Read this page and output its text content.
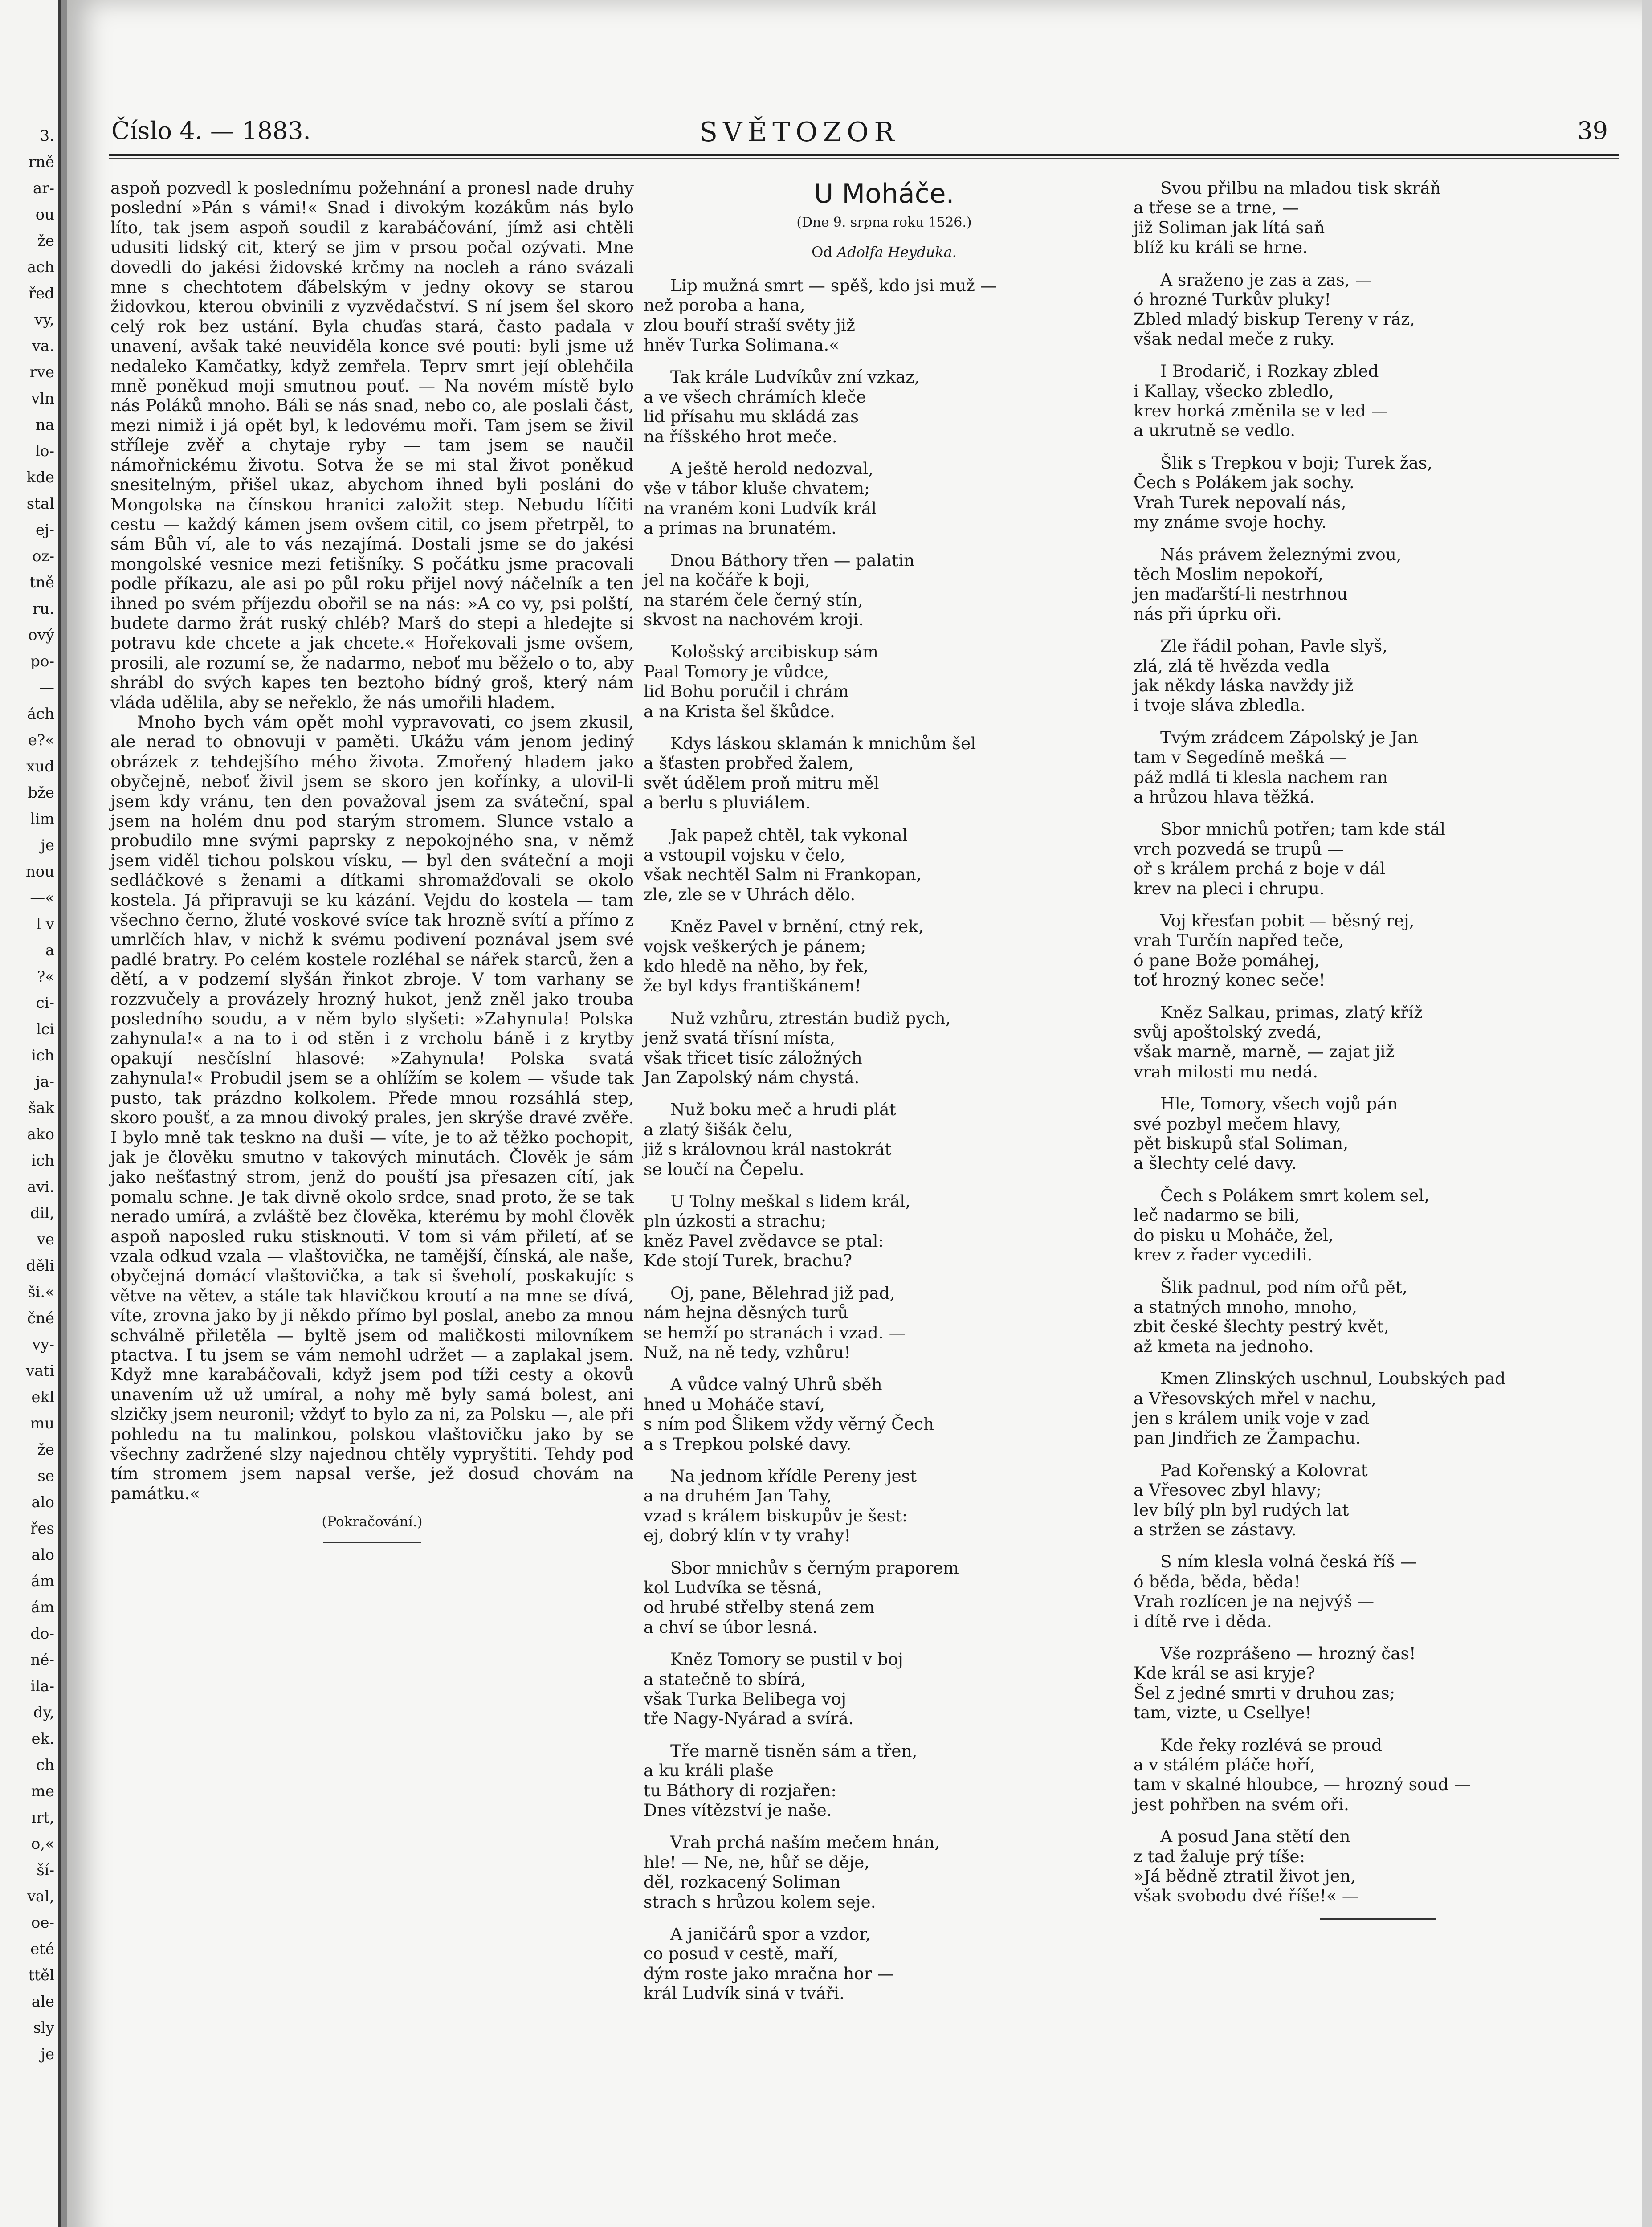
3.
rně
ar-
ou
že
ach
řed
vy,
va.
rve
vln
na
lo-
kde
stal
ej-
oz-
tně
ru.
ový
po-
—
ách
e?«
xud
bže
lim
je
nou
—«
l v
a
?«
ci-
lci
ich
ja-
šak
ako
ich
avi.
dil,
ve
děli
ši.«
čné
vy-
vati
ekl
mu
že
se
alo
řes
alo
ám
ám
do-
né-
ila-
dy,
ek.
ch
me
ırt,
o,«
ší-
val,
oe-
eté
ttěl
ale
sly
je
Číslo 4. — 1883.	SVĚTOZOR	39

aspoň pozvedl k poslednímu požehnání a pronesl nade druhy poslední »Pán s vámi!« Snad i divokým kozákům nás bylo líto, tak jsem aspoň soudil z karabáčování, jímž asi chtěli udusiti lidský cit, který se jim v prsou počal ozývati. Mne dovedli do jakési židovské krčmy na nocleh a ráno svázali mne s chechtotem ďábelským v jedny okovy se starou židovkou, kterou obvinili z vyzvědačství. S ní jsem šel skoro celý rok bez ustání. Byla chuďas stará, často padala v unavení, avšak také neuviděla konce své pouti: byli jsme už nedaleko Kamčatky, když zemřela. Teprv smrt její oblehčila mně poněkud moji smutnou pouť. — Na novém místě bylo nás Poláků mnoho. Báli se nás snad, nebo co, ale poslali část, mezi nimiž i já opět byl, k ledovému moři. Tam jsem se živil stříleje zvěř a chytaje ryby — tam jsem se naučil námořnickému životu. Sotva že se mi stal život poněkud snesitelným, přišel ukaz, abychom ihned byli posláni do Mongolska na čínskou hranici založit step. Nebudu líčiti cestu — každý kámen jsem ovšem citil, co jsem přetrpěl, to sám Bůh ví, ale to vás nezajímá. Dostali jsme se do jakési mongolské vesnice mezi fetišníky. S počátku jsme pracovali podle příkazu, ale asi po půl roku přijel nový náčelník a ten ihned po svém příjezdu obořil se na nás: »A co vy, psi polští, budete darmo žrát ruský chléb? Marš do stepi a hledejte si potravu kde chcete a jak chcete.« Hořekovali jsme ovšem, prosili, ale rozumí se, že nadarmo, neboť mu běželo o to, aby shrábl do svých kapes ten beztoho bídný groš, který nám vláda udělila, aby se neřeklo, že nás umořili hladem.

Mnoho bych vám opět mohl vypravovati, co jsem zkusil, ale nerad to obnovuji v paměti. Ukážu vám jenom jediný obrázek z tehdejšího mého života. Zmořený hladem jako obyčejně, neboť živil jsem se skoro jen kořínky, a ulovil-li jsem kdy vránu, ten den považoval jsem za sváteční, spal jsem na holém dnu pod starým stromem. Slunce vstalo a probudilo mne svými paprsky z nepokojného sna, v němž jsem viděl tichou polskou vísku, — byl den sváteční a moji sedláčkové s ženami a dítkami shromažďovali se okolo kostela. Já připravuji se ku kázání. Vejdu do kostela — tam všechno černo, žluté voskové svíce tak hrozně svítí a přímo z umrlčích hlav, v nichž k svému podivení poznával jsem své padlé bratry. Po celém kostele rozléhal se nářek starců, žen a dětí, a v podzemí slyšán řinkot zbroje. V tom varhany se rozzvučely a provázely hrozný hukot, jenž zněl jako trouba posledního soudu, a v něm bylo slyšeti: »Zahynula! Polska zahynula!« a na to i od stěn i z vrcholu báně i z krytby opakují nesčíslní hlasové: »Zahynula! Polska svatá zahynula!« Probudil jsem se a ohlížím se kolem — všude tak pusto, tak prázdno kolkolem. Přede mnou rozsáhlá step, skoro poušť, a za mnou divoký prales, jen skrýše dravé zvěře. I bylo mně tak teskno na duši — víte, je to až těžko pochopit, jak je člověku smutno v takových minutách. Člověk je sám jako nešťastný strom, jenž do pouští jsa přesazen cítí, jak pomalu schne. Je tak divně okolo srdce, snad proto, že se tak nerado umírá, a zvláště bez člověka, kterému by mohl člověk aspoň naposled ruku stisknouti. V tom si vám přiletí, ať se vzala odkud vzala — vlaštovička, ne tamější, čínská, ale naše, obyčejná domácí vlaštovička, a tak si šveholí, poskakujíc s větve na větev, a stále tak hlavičkou kroutí a na mne se dívá, víte, zrovna jako by ji někdo přímo byl poslal, anebo za mnou schválně přiletěla — byltě jsem od maličkosti milovníkem ptactva. I tu jsem se vám nemohl udržet — a zaplakal jsem. Když mne karabáčovali, když jsem pod tíži cesty a okovů unavením už už umíral, a nohy mě byly samá bolest, ani slzičky jsem neuronil; vždyť to bylo za ni, za Polsku —, ale při pohledu na tu malinkou, polskou vlaštovičku jako by se všechny zadržené slzy najednou chtěly vypryštiti. Tehdy pod tím stromem jsem napsal verše, jež dosud chovám na památku.«

(Pokračování.)
U Moháče.
(Dne 9. srpna roku 1526.)
Od Adolfa Heyduka.
Lip mužná smrt — spěš, kdo jsi muž —
než poroba a hana,
zlou bouří straší světy již
hněv Turka Solimana.«
Tak krále Ludvíkův zní vzkaz,
a ve všech chrámích kleče
lid přísahu mu skládá zas
na říšského hrot meče.
A ještě herold nedozval,
vše v tábor kluše chvatem;
na vraném koni Ludvík král
a primas na brunatém.
Dnou Báthory třen — palatin
jel na kočáře k boji,
na starém čele černý stín,
skvost na nachovém kroji.
Kološský arcibiskup sám
Paal Tomory je vůdce,
lid Bohu poručil i chrám
a na Krista šel škůdce.
Kdys láskou sklamán k mnichům šel
a šťasten probřed žalem,
svět údělem proň mitru měl
a berlu s pluviálem.
Jak papež chtěl, tak vykonal
a vstoupil vojsku v čelo,
však nechtěl Salm ni Frankopan,
zle, zle se v Uhrách dělo.
Kněz Pavel v brnění, ctný rek,
vojsk veškerých je pánem;
kdo hledě na něho, by řek,
že byl kdys františkánem!
Nuž vzhůru, ztrestán budiž pych,
jenž svatá třísní místa,
však třicet tisíc záložných
Jan Zapolský nám chystá.
Nuž boku meč a hrudi plát
a zlatý šišák čelu,
již s královnou král nastokrát
se loučí na Čepelu.
U Tolny meškal s lidem král,
pln úzkosti a strachu;
kněz Pavel zvědavce se ptal:
Kde stojí Turek, brachu?
Oj, pane, Bělehrad již pad,
nám hejna děsných turů
se hemží po stranách i vzad. —
Nuž, na ně tedy, vzhůru!
A vůdce valný Uhrů sběh
hned u Moháče staví,
s ním pod Šlikem vždy věrný Čech
a s Trepkou polské davy.
Na jednom křídle Pereny jest
a na druhém Jan Tahy,
vzad s králem biskupův je šest:
ej, dobrý klín v ty vrahy!
Sbor mnichův s černým praporem
kol Ludvíka se těsná,
od hrubé střelby stená zem
a chví se úbor lesná.
Kněz Tomory se pustil v boj
a statečně to sbírá,
však Turka Belibega voj
tře Nagy-Nyárad a svírá.
Tře marně tisněn sám a třen,
a ku králi plaše
tu Báthory di rozjařen:
Dnes vítězství je naše.
Vrah prchá naším mečem hnán,
hle! — Ne, ne, hůř se děje,
děl, rozkacený Soliman
strach s hrůzou kolem seje.
A janičárů spor a vzdor,
co posud v cestě, maří,
dým roste jako mračna hor —
král Ludvík siná v tváři.
Svou přilbu na mladou tisk skráň
a třese se a trne, —
již Soliman jak lítá saň
blíž ku králi se hrne.
A sraženo je zas a zas, —
ó hrozné Turkův pluky!
Zbled mladý biskup Tereny v ráz,
však nedal meče z ruky.
I Brodarič, i Rozkay zbled
i Kallay, všecko zbledlo,
krev horká změnila se v led —
a ukrutně se vedlo.
Šlik s Trepkou v boji; Turek žas,
Čech s Polákem jak sochy.
Vrah Turek nepovalí nás,
my známe svoje hochy.
Nás právem železnými zvou,
těch Moslim nepokoří,
jen maďarští-li nestrhnou
nás při úprku oři.
Zle řádil pohan, Pavle slyš,
zlá, zlá tě hvězda vedla
jak někdy láska navždy již
i tvoje sláva zbledla.
Tvým zrádcem Zápolský je Jan
tam v Segedíně mešká —
páž mdlá ti klesla nachem ran
a hrůzou hlava těžká.
Sbor mnichů potřen; tam kde stál
vrch pozvedá se trupů —
oř s králem prchá z boje v dál
krev na pleci i chrupu.
Voj křesťan pobit — běsný rej,
vrah Turčín napřed teče,
ó pane Bože pomáhej,
toť hrozný konec seče!
Kněz Salkau, primas, zlatý kříž
svůj apoštolský zvedá,
však marně, marně, — zajat již
vrah milosti mu nedá.
Hle, Tomory, všech vojů pán
své pozbyl mečem hlavy,
pět biskupů sťal Soliman,
a šlechty celé davy.
Čech s Polákem smrt kolem sel,
leč nadarmo se bili,
do pisku u Moháče, žel,
krev z řader vycedili.
Šlik padnul, pod ním ořů pět,
a statných mnoho, mnoho,
zbit české šlechty pestrý květ,
až kmeta na jednoho.
Kmen Zlinských uschnul, Loubských pad
a Vřesovských mřel v nachu,
jen s králem unik voje v zad
pan Jindřich ze Žampachu.
Pad Kořenský a Kolovrat
a Vřesovec zbyl hlavy;
lev bílý pln byl rudých lat
a stržen se zástavy.
S ním klesla volná česká říš —
ó běda, běda, běda!
Vrah rozlícen je na nejvýš —
i dítě rve i děda.
Vše rozprášeno — hrozný čas!
Kde král se asi kryje?
Šel z jedné smrti v druhou zas;
tam, vizte, u Csellye!
Kde řeky rozlévá se proud
a v stálém pláče hoří,
tam v skalné hloubce, — hrozný soud —
jest pohřben na svém oři.
A posud Jana stětí den
z tad žaluje prý tíše:
»Já bědně ztratil život jen,
však svobodu dvé říše!« —
